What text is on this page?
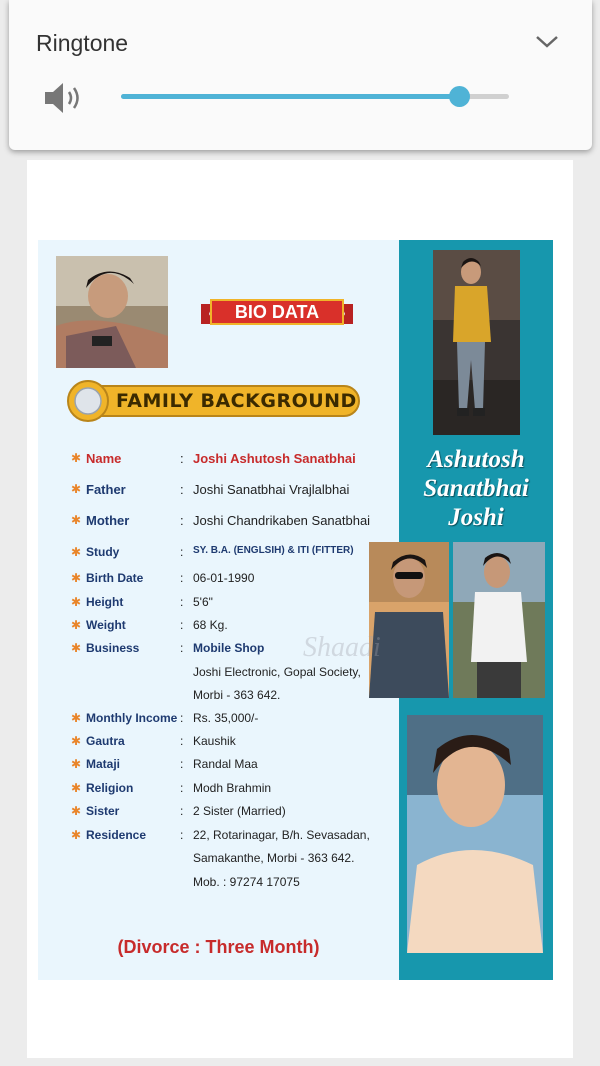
Ringtone
BIO DATA
FAMILY BACKGROUND
✱ Name	: Joshi Ashutosh Sanatbhai
✱ Father	: Joshi Sanatbhai Vrajlalbhai
✱ Mother	: Joshi Chandrikaben Sanatbhai
✱ Study	: SY. B.A. (ENGLSIH) & ITI (FITTER)
✱ Birth Date	: 06-01-1990
✱ Height	: 5'6"
✱ Weight	: 68 Kg.
✱ Business	: Mobile Shop
Joshi Electronic, Gopal Society,
Morbi - 363 642.
✱ Monthly Income : Rs. 35,000/-
✱ Gautra	: Kaushik
✱ Mataji	: Randal Maa
✱ Religion	: Modh Brahmin
✱ Sister	: 2 Sister (Married)
✱ Residence	: 22, Rotarinagar, B/h. Sevasadan,
Samakanthe, Morbi - 363 642.
Mob. : 97274 17075
(Divorce : Three Month)
Ashutosh
Sanatbhai
Joshi
Shaadi
